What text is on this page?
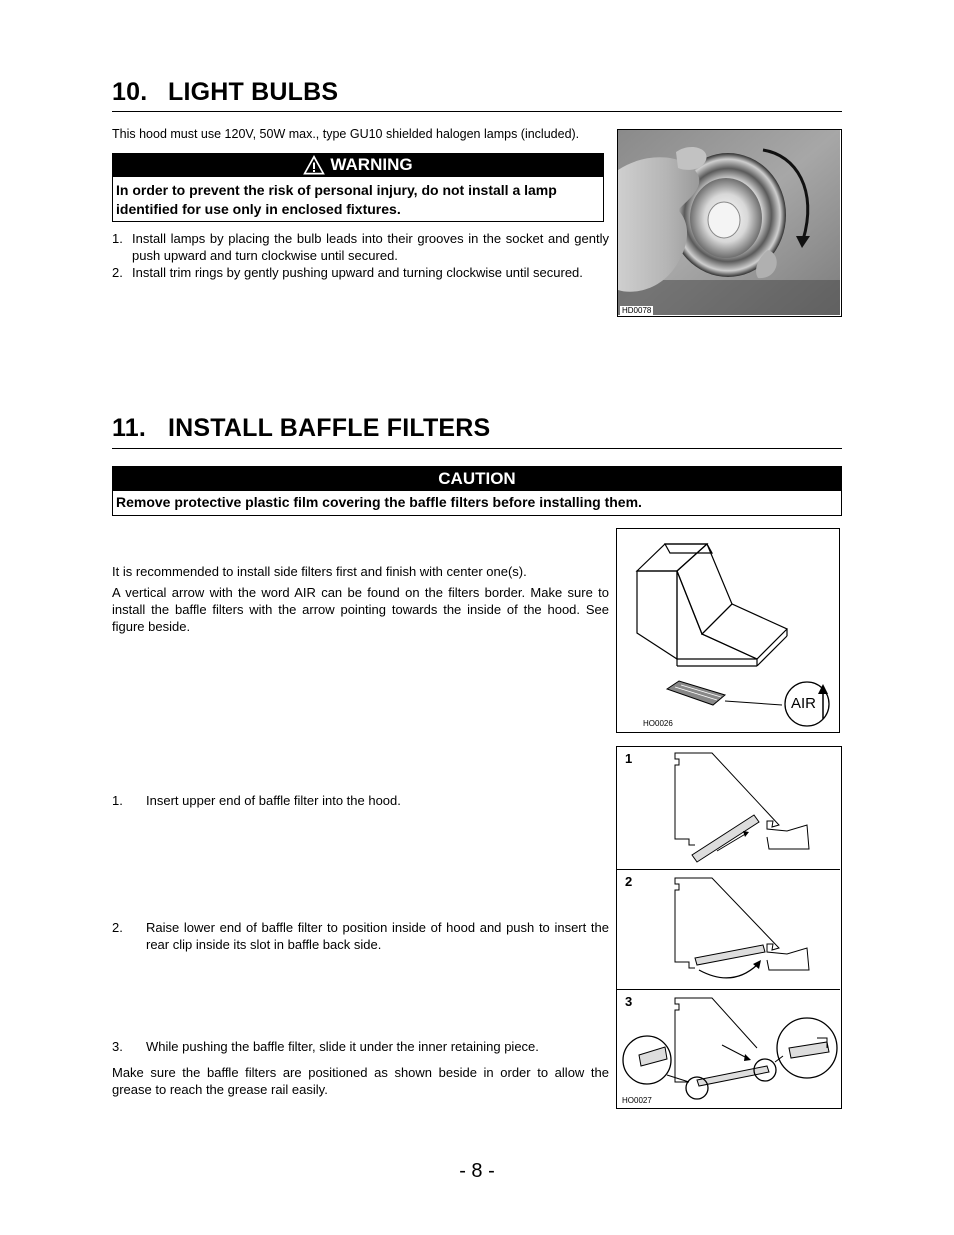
10. LIGHT BULBS
This hood must use 120V, 50W max., type GU10 shielded halogen lamps (included).
WARNING
In order to prevent the risk of personal injury, do not install a lamp identified for use only in enclosed fixtures.
1. Install lamps by placing the bulb leads into their grooves in the socket and gently push upward and turn clockwise until secured.
2. Install trim rings by gently pushing upward and turning clockwise until secured.
HD0078
11. INSTALL BAFFLE FILTERS
CAUTION
Remove protective plastic film covering the baffle filters before installing them.
It is recommended to install side filters first and finish with center one(s).
A vertical arrow with the word AIR can be found on the filters border. Make sure to install the baffle filters with the arrow pointing towards the inside of the hood. See figure beside.
AIR
HO0026
1.	Insert upper end of baffle filter into the hood.
2.	Raise lower end of baffle filter to position inside of hood and push to insert the rear clip inside its slot in baffle back side.
3.	While pushing the baffle filter, slide it under the inner retaining piece.
Make sure the baffle filters are positioned as shown beside in order to allow the grease to reach the grease rail easily.
1
2
3
HO0027
- 8 -
